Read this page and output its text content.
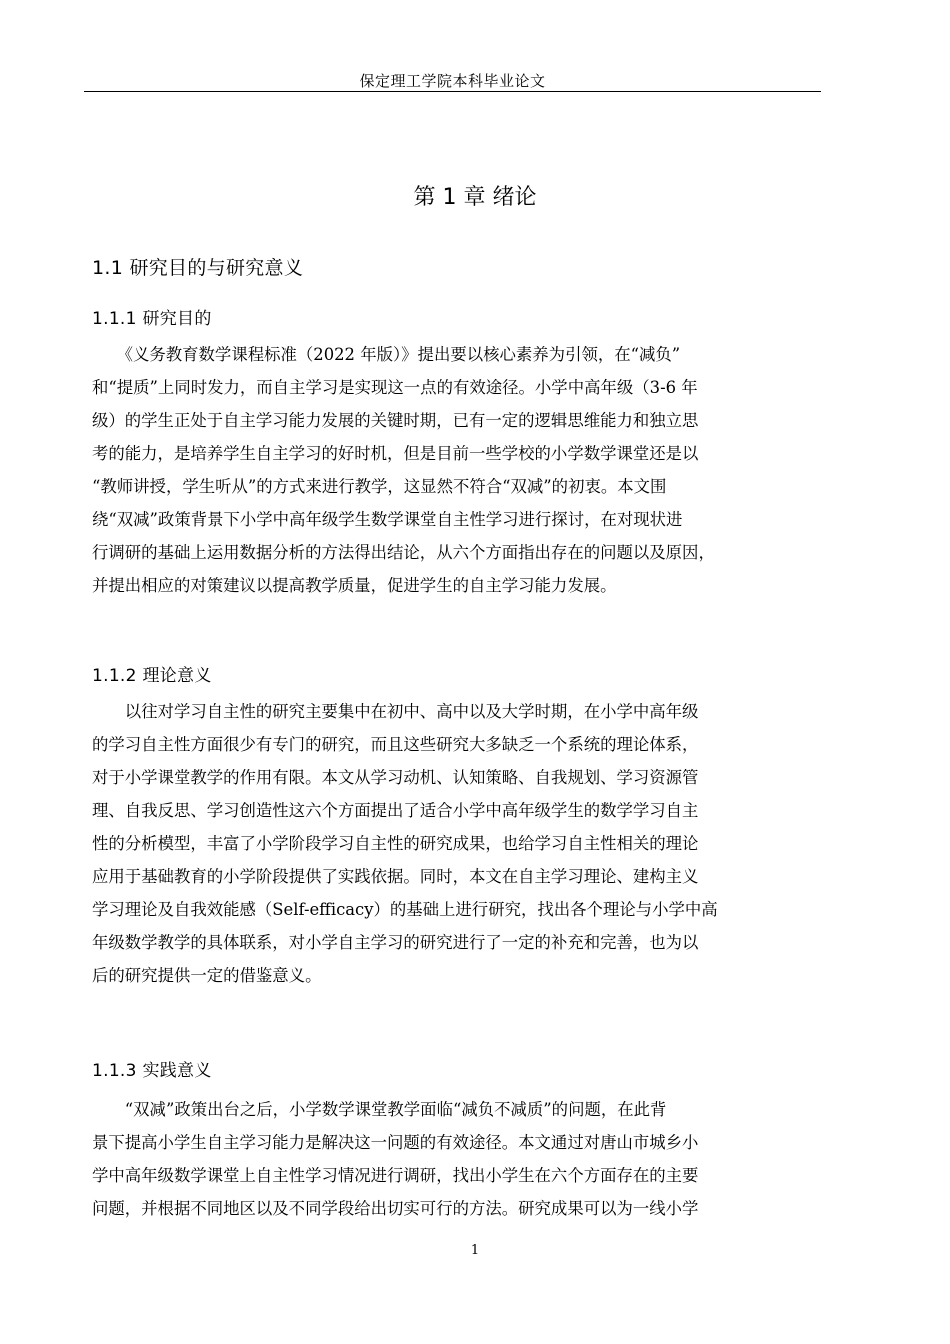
保定理工学院本科毕业论文
第 1 章 绪论
1.1 研究目的与研究意义
1.1.1 研究目的
　　《义务教育数学课程标准（2022 年版）》提出要以核心素养为引领，在“减负”
和“提质”上同时发力，而自主学习是实现这一点的有效途径。小学中高年级（3-6 年
级）的学生正处于自主学习能力发展的关键时期，已有一定的逻辑思维能力和独立思
考的能力，是培养学生自主学习的好时机，但是目前一些学校的小学数学课堂还是以
“教师讲授，学生听从”的方式来进行教学，这显然不符合“双减”的初衷。本文围
绕“双减”政策背景下小学中高年级学生数学课堂自主性学习进行探讨，在对现状进
行调研的基础上运用数据分析的方法得出结论，从六个方面指出存在的问题以及原因，
并提出相应的对策建议以提高教学质量，促进学生的自主学习能力发展。
1.1.2 理论意义
　　以往对学习自主性的研究主要集中在初中、高中以及大学时期，在小学中高年级
的学习自主性方面很少有专门的研究，而且这些研究大多缺乏一个系统的理论体系，
对于小学课堂教学的作用有限。本文从学习动机、认知策略、自我规划、学习资源管
理、自我反思、学习创造性这六个方面提出了适合小学中高年级学生的数学学习自主
性的分析模型，丰富了小学阶段学习自主性的研究成果，也给学习自主性相关的理论
应用于基础教育的小学阶段提供了实践依据。同时，本文在自主学习理论、建构主义
学习理论及自我效能感（Self-efficacy）的基础上进行研究，找出各个理论与小学中高
年级数学教学的具体联系，对小学自主学习的研究进行了一定的补充和完善，也为以
后的研究提供一定的借鉴意义。
1.1.3 实践意义
　　“双减”政策出台之后，小学数学课堂教学面临“减负不减质”的问题，在此背
景下提高小学生自主学习能力是解决这一问题的有效途径。本文通过对唐山市城乡小
学中高年级数学课堂上自主性学习情况进行调研，找出小学生在六个方面存在的主要
问题，并根据不同地区以及不同学段给出切实可行的方法。研究成果可以为一线小学
1
